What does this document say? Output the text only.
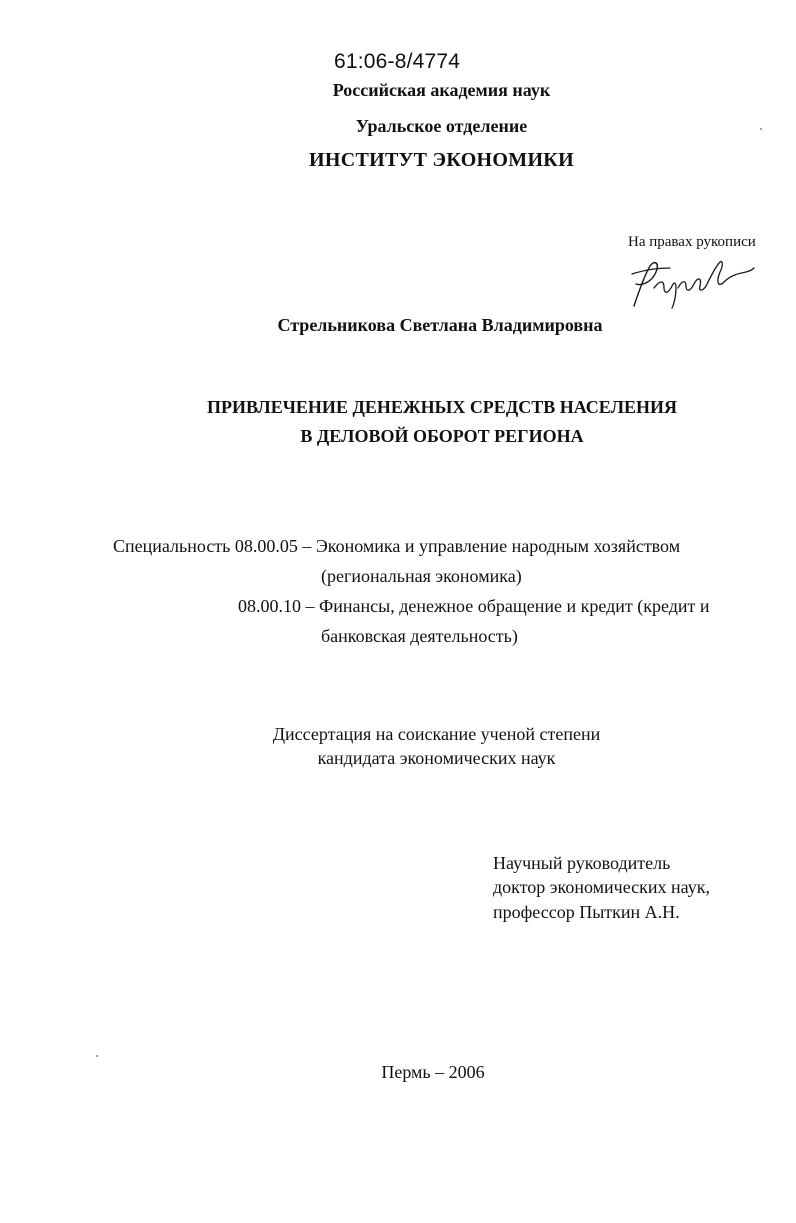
61:06-8/4774
Российская академия наук
Уральское отделение
ИНСТИТУТ ЭКОНОМИКИ
На правах рукописи
Стрельникова Светлана Владимировна
ПРИВЛЕЧЕНИЕ ДЕНЕЖНЫХ СРЕДСТВ НАСЕЛЕНИЯ
В ДЕЛОВОЙ ОБОРОТ РЕГИОНА
Специальность 08.00.05 – Экономика и управление народным хозяйством
(региональная экономика)
08.00.10 – Финансы, денежное обращение и кредит (кредит и
банковская деятельность)
Диссертация на соискание ученой степени
кандидата экономических наук
Научный руководитель
доктор экономических наук,
профессор Пыткин А.Н.
Пермь – 2006
